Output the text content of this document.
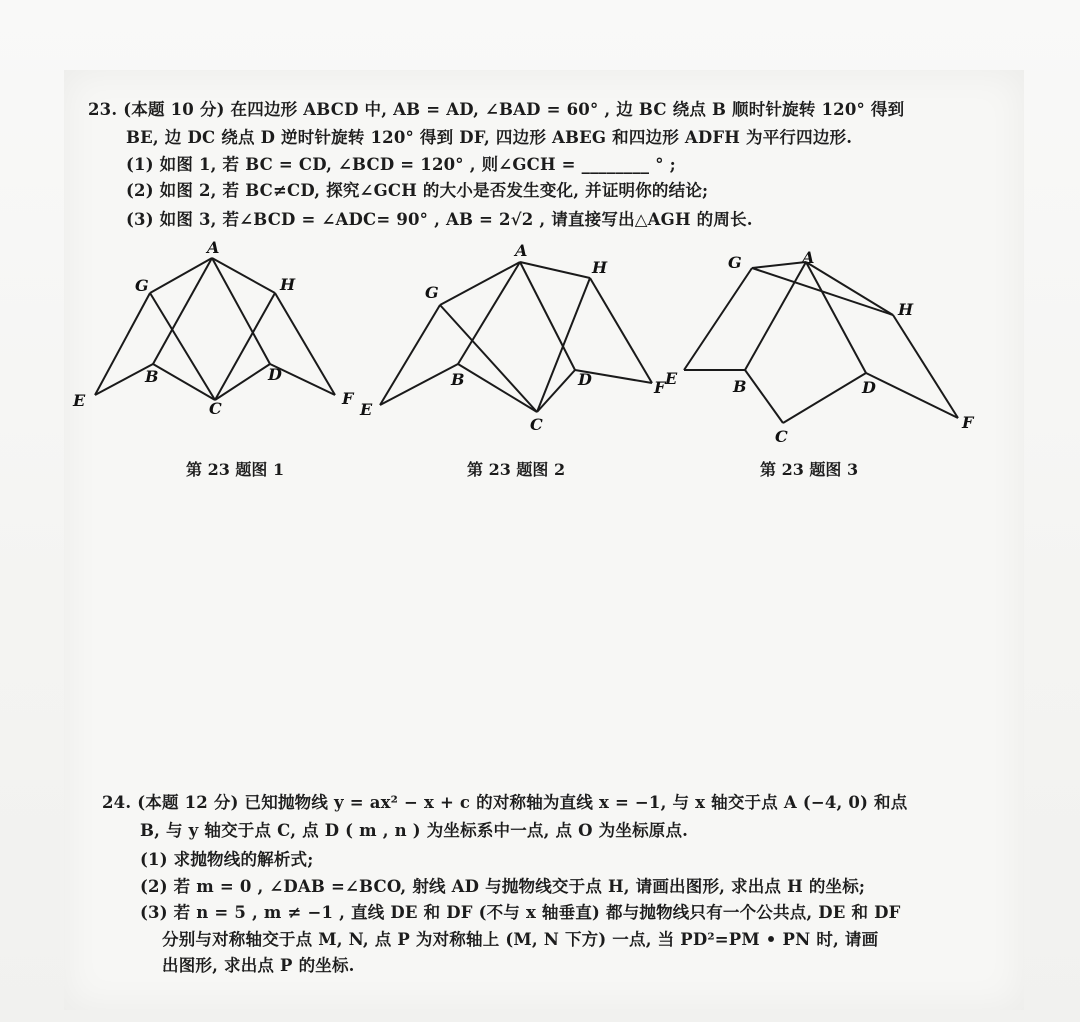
23. (本题 10 分) 在四边形 ABCD 中, AB = AD, ∠BAD = 60° , 边 BC 绕点 B 顺时针旋转 120° 得到
BE, 边 DC 绕点 D 逆时针旋转 120° 得到 DF, 四边形 ABEG 和四边形 ADFH 为平行四边形.
(1) 如图 1, 若 BC = CD, ∠BCD = 120° , 则∠GCH = ________ ° ;
(2) 如图 2, 若 BC≠CD, 探究∠GCH 的大小是否发生变化, 并证明你的结论;
(3) 如图 3, 若∠BCD = ∠ADC= 90° , AB = 2√2 , 请直接写出△AGH 的周长.
A
G	H
B	D
E	C
F
A
G
H
B	D
E
C
F
G	A
H
B	D
E
C
F
第 23 题图 1	第 23 题图 2	第 23 题图 3
24. (本题 12 分) 已知抛物线 y = ax² − x + c 的对称轴为直线 x = −1, 与 x 轴交于点 A (−4, 0) 和点
B, 与 y 轴交于点 C, 点 D ( m , n ) 为坐标系中一点, 点 O 为坐标原点.
(1) 求抛物线的解析式;
(2) 若 m = 0 , ∠DAB =∠BCO, 射线 AD 与抛物线交于点 H, 请画出图形, 求出点 H 的坐标;
(3) 若 n = 5 , m ≠ −1 , 直线 DE 和 DF (不与 x 轴垂直) 都与抛物线只有一个公共点, DE 和 DF
分别与对称轴交于点 M, N, 点 P 为对称轴上 (M, N 下方) 一点, 当 PD²=PM • PN 时, 请画
出图形, 求出点 P 的坐标.
